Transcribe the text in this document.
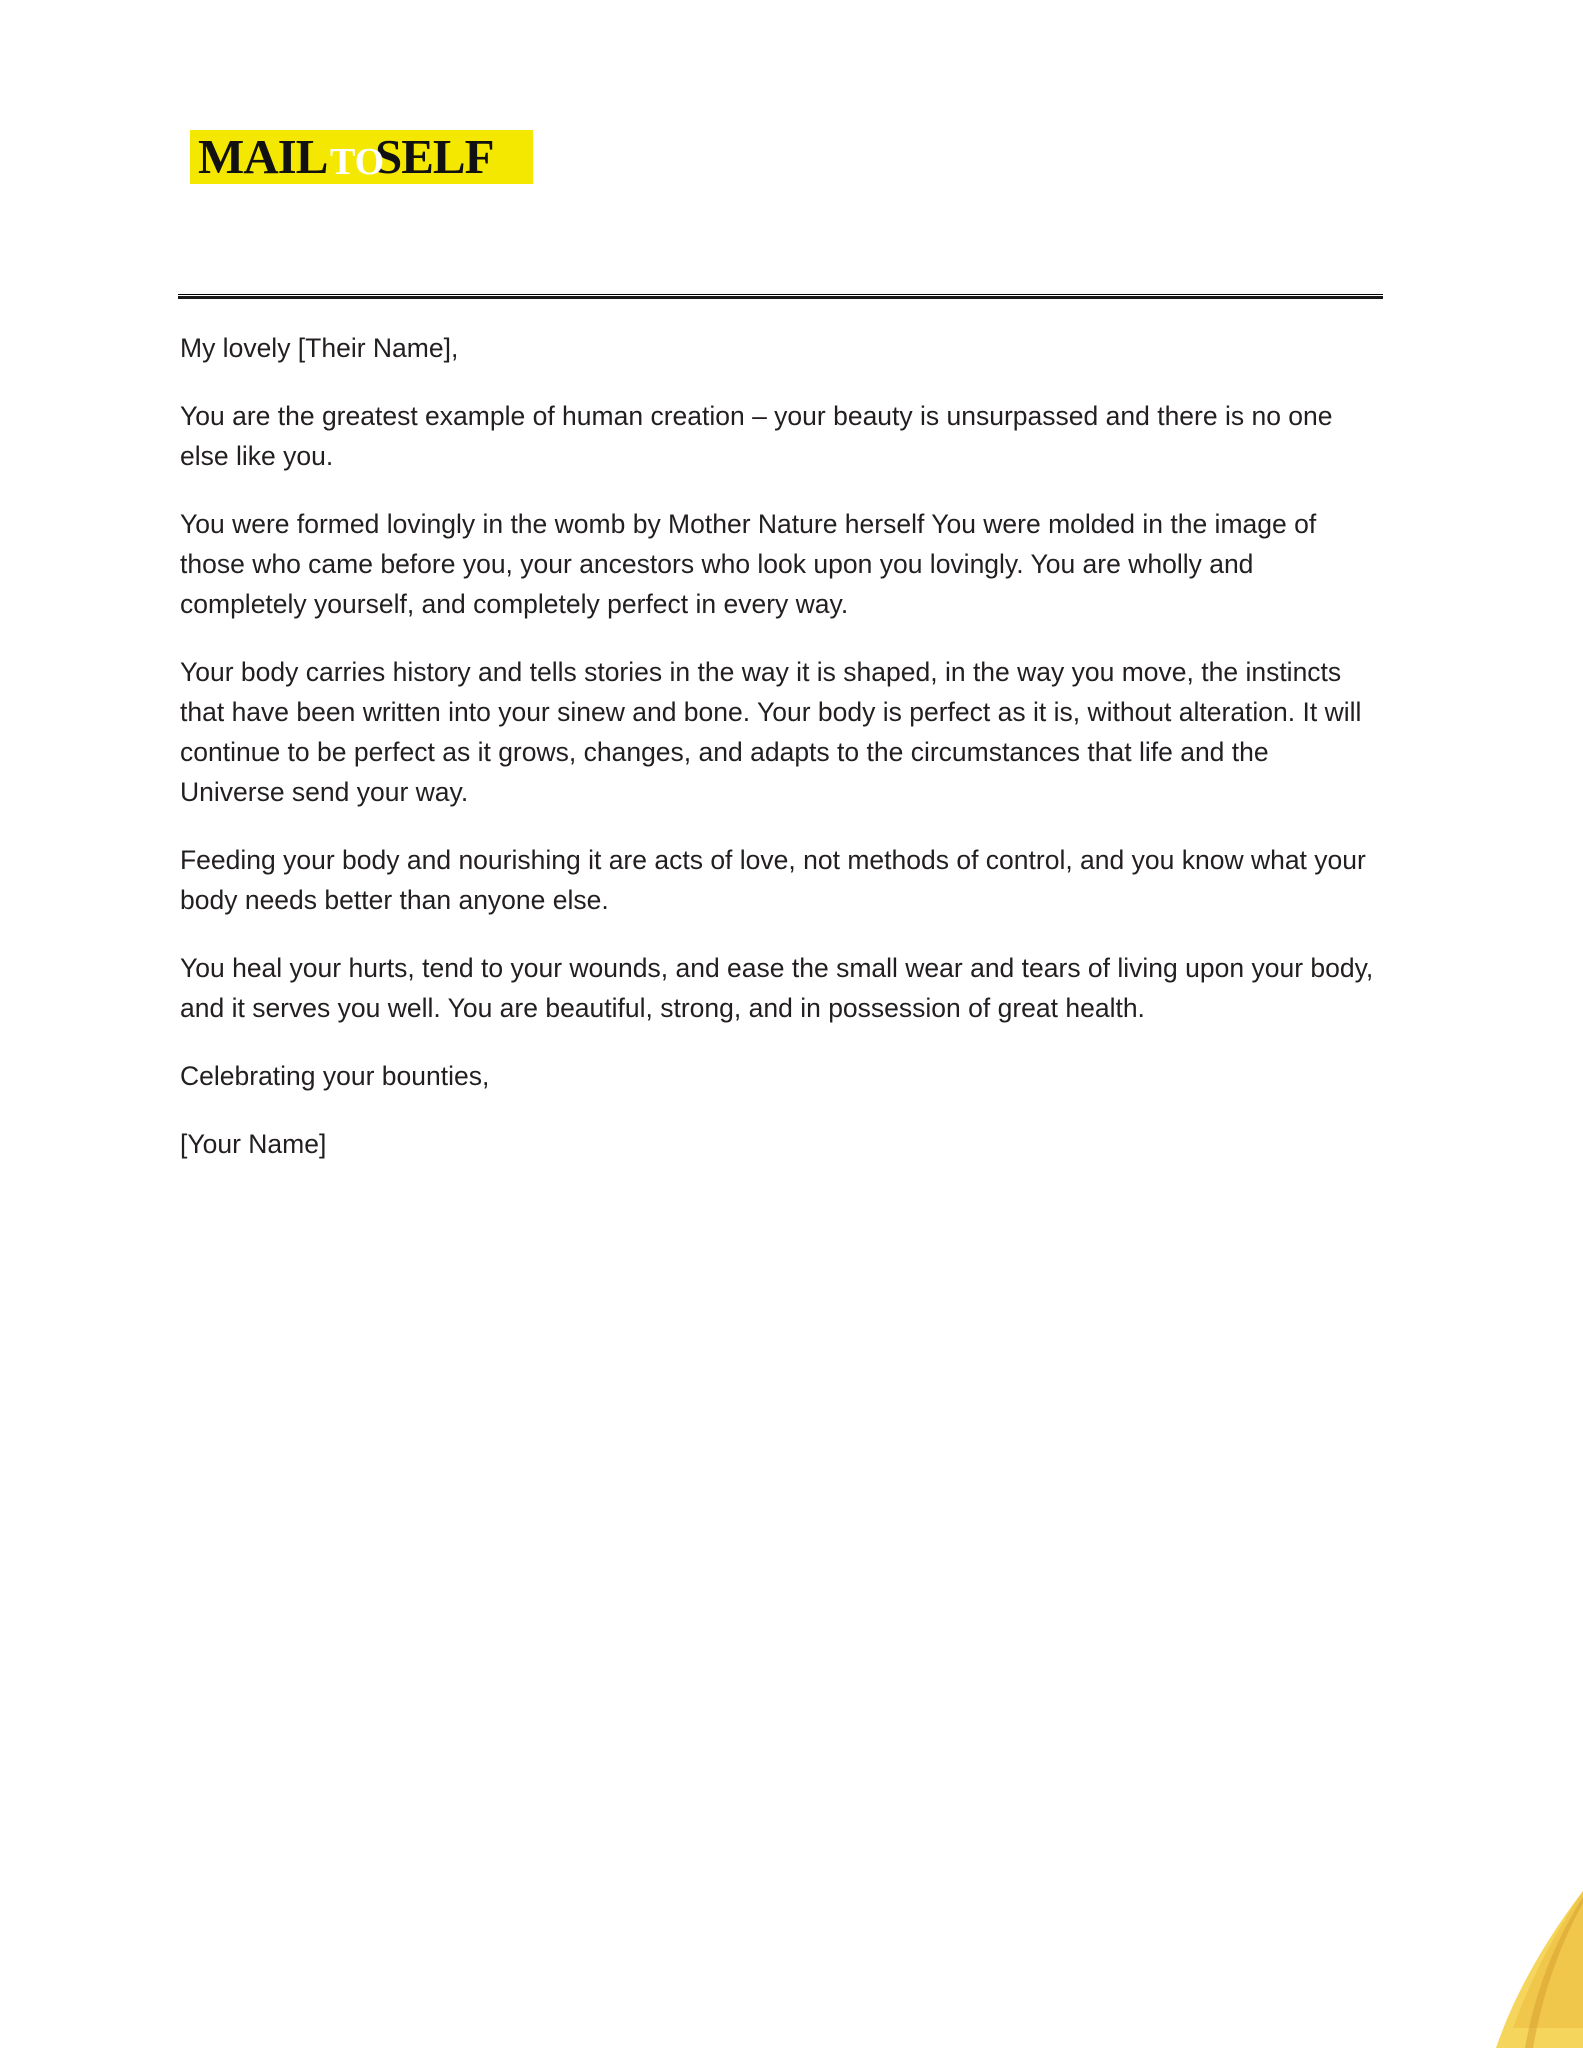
MAIL SELF
TO

My lovely [Their Name],

You are the greatest example of human creation – your beauty is unsurpassed and there is no one else like you.

You were formed lovingly in the womb by Mother Nature herself You were molded in the image of those who came before you, your ancestors who look upon you lovingly. You are wholly and completely yourself, and completely perfect in every way.

Your body carries history and tells stories in the way it is shaped, in the way you move, the instincts that have been written into your sinew and bone. Your body is perfect as it is, without alteration. It will continue to be perfect as it grows, changes, and adapts to the circumstances that life and the Universe send your way.

Feeding your body and nourishing it are acts of love, not methods of control, and you know what your body needs better than anyone else.

You heal your hurts, tend to your wounds, and ease the small wear and tears of living upon your body, and it serves you well. You are beautiful, strong, and in possession of great health.

Celebrating your bounties,

[Your Name]
